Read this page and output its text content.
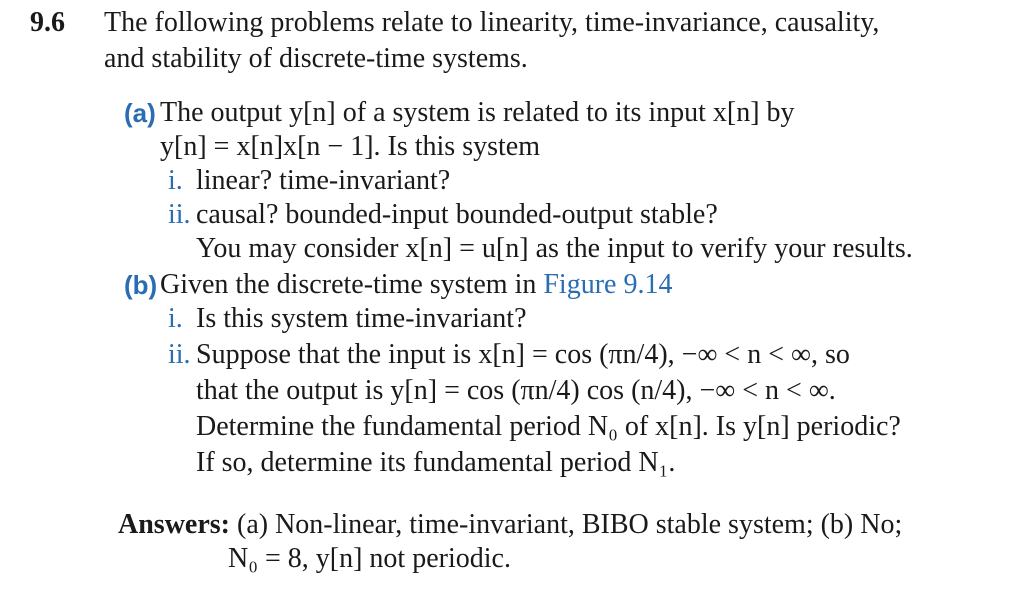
9.6 The following problems relate to linearity, time-invariance, causality,
and stability of discrete-time systems.
(a) The output y[n] of a system is related to its input x[n] by
y[n] = x[n]x[n − 1]. Is this system
i. linear? time-invariant?
ii. causal? bounded-input bounded-output stable?
You may consider x[n] = u[n] as the input to verify your results.
(b) Given the discrete-time system in Figure 9.14
i. Is this system time-invariant?
ii. Suppose that the input is x[n] = cos (πn/4), −∞ < n < ∞, so
that the output is y[n] = cos (πn/4) cos (n/4), −∞ < n < ∞.
Determine the fundamental period N₀ of x[n]. Is y[n] periodic?
If so, determine its fundamental period N₁.
Answers: (a) Non-linear, time-invariant, BIBO stable system; (b) No;
N₀ = 8, y[n] not periodic.
